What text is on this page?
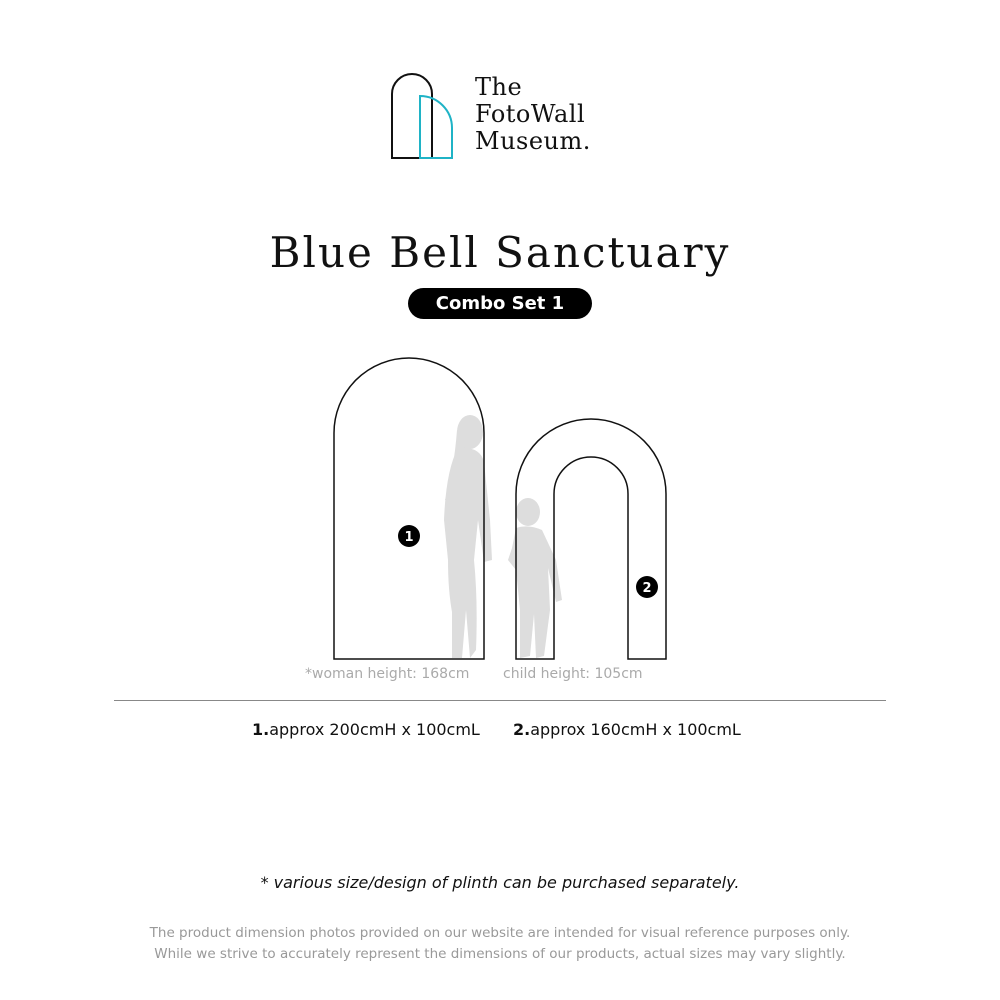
The
FotoWall
Museum.
Blue Bell Sanctuary
Combo Set 1
1
2
*woman height: 168cm child height: 105cm
1.approx 200cmH x 100cmL 2.approx 160cmH x 100cmL
* various size/design of plinth can be purchased separately.
The product dimension photos provided on our website are intended for visual reference purposes only.
While we strive to accurately represent the dimensions of our products, actual sizes may vary slightly.
